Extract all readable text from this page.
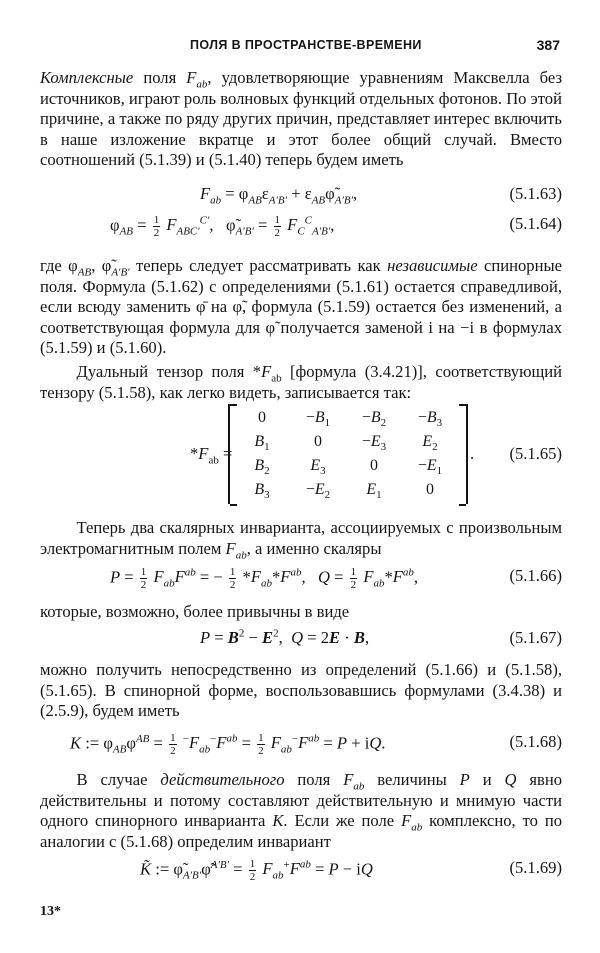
ПОЛЯ В ПРОСТРАНСТВЕ-ВРЕМЕНИ	387
Комплексные поля $F_{ab}$, удовлетворяющие уравнениям Максвелла без источников, играют роль волновых функций отдельных фотонов. По этой причине, а также по ряду других причин, представляет интерес включить в наше изложение вкратце и этот более общий случай. Вместо соотношений (5.1.39) и (5.1.40) теперь будем иметь
$F_{ab} = \varphi_{AB}\varepsilon_{A'B'}$ + $\varepsilon_{AB}\varphĩ_{A'B'}$,	(5.1.63)
$\varphi_{AB} = \frac{1}{2} F_{ABC'}^{C'}$,   $\varphĩ_{A'B'} = \frac{1}{2} F_C^C_{A'B'}$,	(5.1.64)
где $\varphi_{AB}$, $\varphĩ_{A'B'}$ теперь следует рассматривать как независимые спинорные поля. Формула (5.1.62) с определениями (5.1.61) остается справедливой, если всюду заменить φ̄ на φ̃, формула (5.1.59) остается без изменений, а соответствующая формула для φ̃ получается заменой i на −i в формулах (5.1.59) и (5.1.60).
Дуальный тензор поля $*F_{ab}$ [формула (3.4.21)], соответствующий тензору (5.1.58), как легко видеть, записывается так:
$*F_{ab}$ =
0	$-B_1$	$-B_2$	$-B_3$
$B_1$	0	$-E_3$	$E_2$
$B_2$	$E_3$	0	$-E_1$
$B_3$	$-E_2$	$E_1$	0
. (5.1.65)
Теперь два скалярных инварианта, ассоциируемых с произвольным электромагнитным полем $F_{ab}$, а именно скаляры
$P = \frac{1}{2} F_{ab}F^{ab}$ = − $\frac{1}{2} *F_{ab}*F^{ab}$,   $Q = \frac{1}{2} F_{ab}*F^{ab}$,	(5.1.66)
которые, возможно, более привычны в виде
$P = B^2 - E^2$,  Q = 2E · B,	(5.1.67)
можно получить непосредственно из определений (5.1.66) и (5.1.58), (5.1.65). В спинорной форме, воспользовавшись формулами (3.4.38) и (2.5.9), будем иметь
K := $\varphi_{AB}\varphi^{AB} = \frac{1}{2} ^-F_{ab}^-F^{ab} = \frac{1}{2} F_{ab}^-F^{ab} = P$ + iQ.	(5.1.68)
В случае действительного поля $F_{ab}$ величины P и Q явно действительны и потому составляют действительную и мнимую части одного спинорного инварианта K. Если же поле $F_{ab}$ комплексно, то по аналогии с (5.1.68) определим инвариант
K̃ := $\varphĩ_{A'B'}\varphĩ^{A'B'} = \frac{1}{2} F_{ab}^+F^{ab} = P$ − iQ	(5.1.69)
13*
